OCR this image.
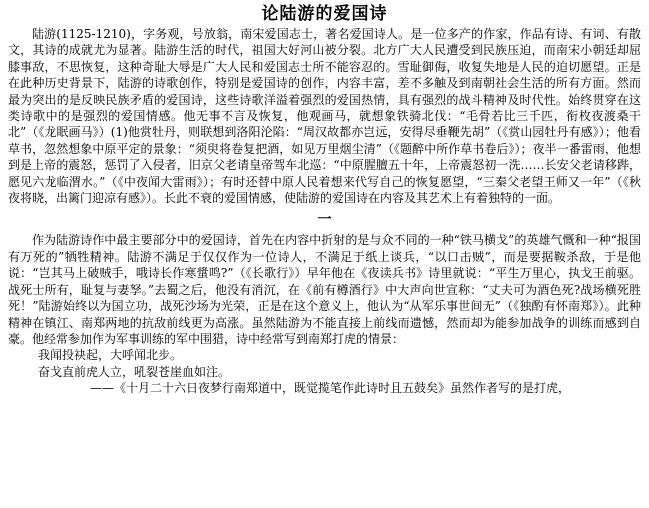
论陆游的爱国诗

陆游(1125-1210)，字务观，号放翁，南宋爱国志士，著名爱国诗人。是一位多产的作家，作品有诗、有词、有散文，其诗的成就尤为显著。陆游生活的时代，祖国大好河山被分裂。北方广大人民遭受到民族压迫，而南宋小朝廷却屈膝事敌，不思恢复，这种奇耻大辱是广大人民和爱国志士所不能容忍的。雪耻御侮，收复失地是人民的迫切愿望。正是在此种历史背景下，陆游的诗歌创作，特别是爱国诗的创作，内容丰富，差不多触及到南朝社会生活的所有方面。然而最为突出的是反映民族矛盾的爱国诗，这些诗歌洋溢着强烈的爱国热情，具有强烈的战斗精神及时代性。始终贯穿在这类诗歌中的是强烈的爱国情感。他无事不言及恢复，他观画马，就想象铁骑北伐：“毛骨若比三千匹，衔枚夜渡桑干北”（《龙眠画马》）(1)他赏牡丹，则联想到洛阳沦陷：“周汉故都亦岂远，安得尽垂鞭先胡”（《赏山园牡丹有感》）；他看草书，忽然想象中原平定的景象：“须臾将卷复把酒，如见万里烟尘清”（《题醉中所作草书卷后》）；夜半一番雷雨，他想到是上帝的震怒，惩罚了入侵者，旧京父老请皇帝驾车北巡：“中原腥膻五十年，上帝震怒初一洗……长安父老请移跸，愿见六龙临渭水。”（《中夜闻大雷雨》）；有时还替中原人民着想来代写自己的恢复愿望，“三秦父老望王师又一年”（《秋夜将晓，出篱门迎凉有感》）。长此不衰的爱国情感，使陆游的爱国诗在内容及其艺术上有着独特的一面。

一

作为陆游诗作中最主要部分中的爱国诗，首先在内容中折射的是与众不同的一种“铁马横戈”的英雄气慨和一种“报国有万死的”牺牲精神。陆游不满足于仅仅作为一位诗人，不满足于纸上谈兵，“以口击贼”，而是要据鞍杀敌，于是他说：“岂其马上破贼手，哦诗长作寒螀鸣?”（《长歌行》）早年他在《夜读兵书》诗里就说：“平生万里心，执戈王前驱。战死士所有，耻复与妻孥。”去蜀之后，他没有消沉，在《前有樽酒行》中大声向世宣称：“丈夫可为酒色死?战场横死胜死！”陆游始终以为国立功，战死沙场为光荣，正是在这个意义上，他认为“从军乐事世间无”（《独酌有怀南郑》）。此种精神在镇江、南郑两地的抗敌前线更为高涨。虽然陆游为不能直接上前线而遗憾，然而却为能参加战争的训练而感到自豪。他经常参加作为军事训练的军中围猎，诗中经常写到南郑打虎的情景：

我闻投袂起，大呼闻北步。

奋戈直前虎人立，吼裂苍崖血如注。

——《十月二十六日夜梦行南郑道中，既觉揽笔作此诗时且五鼓矣》虽然作者写的是打虎，
